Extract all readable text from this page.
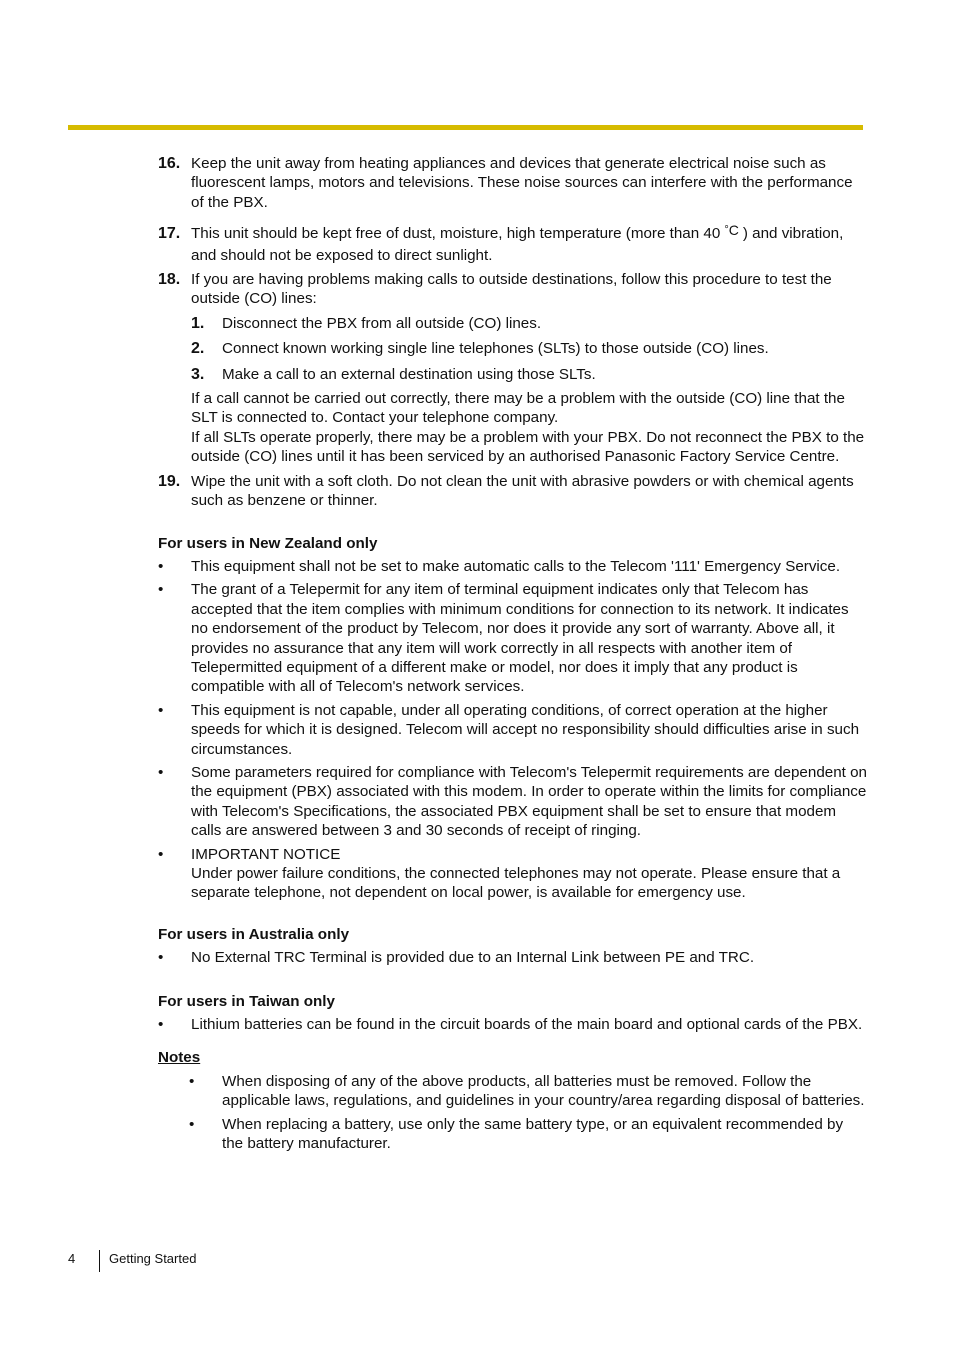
16. Keep the unit away from heating appliances and devices that generate electrical noise such as fluorescent lamps, motors and televisions. These noise sources can interfere with the performance of the PBX.
17. This unit should be kept free of dust, moisture, high temperature (more than 40 °C ) and vibration, and should not be exposed to direct sunlight.
18. If you are having problems making calls to outside destinations, follow this procedure to test the outside (CO) lines:
1. Disconnect the PBX from all outside (CO) lines.
2. Connect known working single line telephones (SLTs) to those outside (CO) lines.
3. Make a call to an external destination using those SLTs.
If a call cannot be carried out correctly, there may be a problem with the outside (CO) line that the SLT is connected to. Contact your telephone company.
If all SLTs operate properly, there may be a problem with your PBX. Do not reconnect the PBX to the outside (CO) lines until it has been serviced by an authorised Panasonic Factory Service Centre.
19. Wipe the unit with a soft cloth. Do not clean the unit with abrasive powders or with chemical agents such as benzene or thinner.
For users in New Zealand only
• This equipment shall not be set to make automatic calls to the Telecom '111' Emergency Service.
• The grant of a Telepermit for any item of terminal equipment indicates only that Telecom has accepted that the item complies with minimum conditions for connection to its network. It indicates no endorsement of the product by Telecom, nor does it provide any sort of warranty. Above all, it provides no assurance that any item will work correctly in all respects with another item of Telepermitted equipment of a different make or model, nor does it imply that any product is compatible with all of Telecom's network services.
• This equipment is not capable, under all operating conditions, of correct operation at the higher speeds for which it is designed. Telecom will accept no responsibility should difficulties arise in such circumstances.
• Some parameters required for compliance with Telecom's Telepermit requirements are dependent on the equipment (PBX) associated with this modem. In order to operate within the limits for compliance with Telecom's Specifications, the associated PBX equipment shall be set to ensure that modem calls are answered between 3 and 30 seconds of receipt of ringing.
• IMPORTANT NOTICE
Under power failure conditions, the connected telephones may not operate. Please ensure that a separate telephone, not dependent on local power, is available for emergency use.
For users in Australia only
• No External TRC Terminal is provided due to an Internal Link between PE and TRC.
For users in Taiwan only
• Lithium batteries can be found in the circuit boards of the main board and optional cards of the PBX.
Notes
• When disposing of any of the above products, all batteries must be removed. Follow the applicable laws, regulations, and guidelines in your country/area regarding disposal of batteries.
• When replacing a battery, use only the same battery type, or an equivalent recommended by the battery manufacturer.
4	Getting Started
